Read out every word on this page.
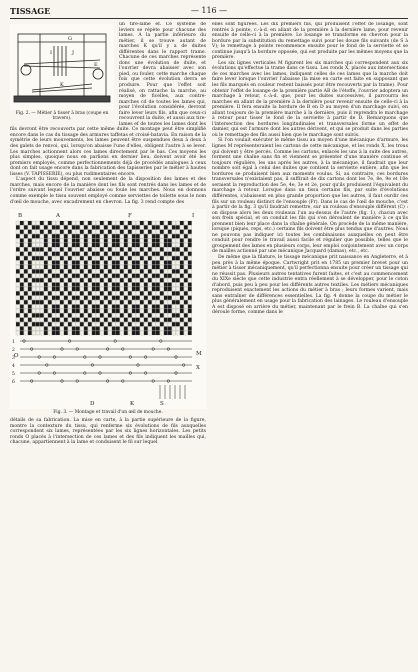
TISSAGE	— 116 —
G
I	J
K
E
Fig. 2. — Métier à tisser à bras (coupe en travers).

un tire-lame ef. Ce système de leviers se répète pour chacune des lames. A la partie inférieure du métier, il se trouve autant de marches K qu'il y a de duites différentes dans le rapport trame. Chacune de ces marches représente donc une évolution de duite, et l'ouvrier devra abaisser avec son pied, ou fouler, cette marche chaque fois que cette évolution devra se produire. Pour que l'effet soit réalisé, on rattache la marche, au moyen de ficelles, aux contre-marches cd de toutes les lames qui, pour l'évolution considérée, devront faire lever leurs fils, afin que ceux-ci recouvrent la duite, et aussi aux tire-lames ef de toutes les lames dont les fils devront être recouverts par cette même duite. Ce montage peut être simplifié encore dans le cas du tissage des armures taffetas et croisé-batavia. En raison de la symétrie de leurs mouvements, les lames peuvent être suspendues deux à deux à des galets de renvoi, qui, lorsqu'on abaisse l'une d'elles, obligent l'autre à se lever. Les marches actionnent alors ces lames directement par le bas. Ces moyens les plus simples, quoique nous en parlions en dernier lieu, doivent avoir été les premiers employés, comme perfectionnements déjà de procédés analogues à ceux dont on fait usage encore dans la fabrication des tapisseries par le métier à hautes lisses (V. TAPISSERIE), ou plus rudimentaires encore.

L'aspect du tissu dépend, non seulement de la disposition des lames et des marches, mais encore de la manière dont les fils sont rentrés dans les lames et de l'ordre suivant lequel l'ouvrier abaisse ou foule les marches. Nous en donnons comme exemple le tissu souvent employé comme serviettes de toilette sous le nom d'œil de mouche, avec encadrement en chevron. La fig. 3 rend compte des

1
2
3
4
5
6
B	A	F	I
O	M
X
D	K	S
Fig. 3. — Montage et travail d'un œil de mouche.

détails de sa fabrication. La mise en carte, à la partie supérieure de la figure, montre la contexture du tissu, qui renferme six évolutions de fils auxquelles correspondent six lames, représentées par les six lignes horizontales. Les petits ronds O placés à l'intersection de ces lames et des fils indiquent les mailles qui, chacune, appartiennent à la lame et conduisent le fil sur lequel

elles sont figurées. Les dix premiers fils, qui produisent l'effet de losange, sont rentrés à pointe, c.-à-d. en allant de la première à la dernière lame, pour revenir ensuite de celle-ci à la première. Le losange se transforme en chevron pour la bordure par la substitution du remettage suivi pour les douze fils suivants (de S à V); le remettage à pointe recommence ensuite pour le fond de la serviette et se continue jusqu'à la bordure opposée, qui est produite par les mêmes moyens que la première.

Les six lignes verticales M figurent les six marches qui correspondent aux six évolutions qu'effectue la trame dans ce tissu. Les ronds X, placés aux intersections de ces marches avec les lames, indiquent celles de ces lames que la marche doit faire lever lorsque l'ouvrier l'abaisse (la mise en carte est faite en supposant que les fils marqués en couleur restent baissés pour être recouverts par la trame). Pour obtenir l'effet de losange de la première partie AB de l'étoffe, l'ouvrier adoptera un marchage à retour, c.-à-d. que, pour les duites successives, il parcourra les marches en allant de la première à la dernière pour revenir ensuite de celle-ci à la première. Il fera ensuite la bordure de B en D au moyen d'un marchage suivi, en allant toujours de la première marche à la dernière, puis il reprendra le marchage à retour pour tisser le fond de la serviette à partir de D. Remarquons que l'intersection des bordures longitudinales et transversales forme un effet de damier, qui est l'armure dont les autres dérivent, et qui se produit dans les parties où le remettage des fils aussi bien que le marchage sont suivis.

Si l'on voulait exécuter le même tissu au moyen d'une mécanique d'armure, les lignes M représenteraient les cartons de cette mécanique, et les ronds X, les trous qui doivent y être percés. Comme les cartons, enlacés les uns à la suite des autres, forment une chaîne sans fin et viennent se présenter d'une manière continue et toujours régulière, les uns après les autres, à la mécanique, il faudrait que leur nombre soit égal à celui des duites que contient la serviette entière, afin que les bordures se produisent bien aux moments voulus. Si, au contraire, ces bordures transversales n'existaient pas, il suffirait de dix cartons dont les 7e, 8e, 9e et 10e seraient la reproduction des 5e, 4e, 3e et 2e, pour qu'ils produisent l'équivalent du marchage à retour. Lorsque dans un tissu certains fils, par suite d'évolutions différentes, s'abaissent en plus grande proportion que les autres, il faut ourdir ces fils sur un rouleau distinct de l'ensouple (Fr). Dans le cas de l'œil de mouche, c'est à partir de la fig. 3 qu'il faudrait remettre, sur un rouleau d'ensouple différent (C) : on dispose alors les deux rouleaux l'un au-dessus de l'autre (fig. 1), chacun avec son frein spécial, et on conduit les fils qui s'en déroulent de manière à ce qu'ils prennent bien leur place dans la chaîne générale. On procède de la même manière, lorsque (piqués, reps, etc.) certains fils doivent être plus tendus que d'autres. Nous ne pouvons pas indiquer ici toutes les combinaisons auxquelles on peut être conduit pour rendre le travail aussi facile et régulier que possible, telles que le groupement des lames en plusieurs corps, leur emploi conjointement avec un corps de mailles actionné par une mécanique Jacquard (damas), etc., etc.

De même que la filature, le tissage mécanique prit naissance en Angleterre, et à peu près à la même époque. Cartwright prit en 1785 un premier brevet pour un métier à tisser mécaniquement, qu'il perfectionna ensuite pour créer un tissage qui ne réussit pas. Plusieurs autres tentatives furent faites, et c'est au commencement du XIXe siècle que cette industrie entra réellement à se développer, pour le coton d'abord, puis peu à peu pour les différents autres textiles. Les métiers mécaniques reproduisent exactement les actions du métier à bras ; leurs formes varient, mais sans entraîner de différences essentielles. La fig. 4 donne la coupe du métier le plus généralement en usage pour la fabrication des lainages. Le rouleau d'ensouple A est disposé en arrière du métier, maintenant par le frein B. La chaîne qui s'en déroule forme, comme dans le
